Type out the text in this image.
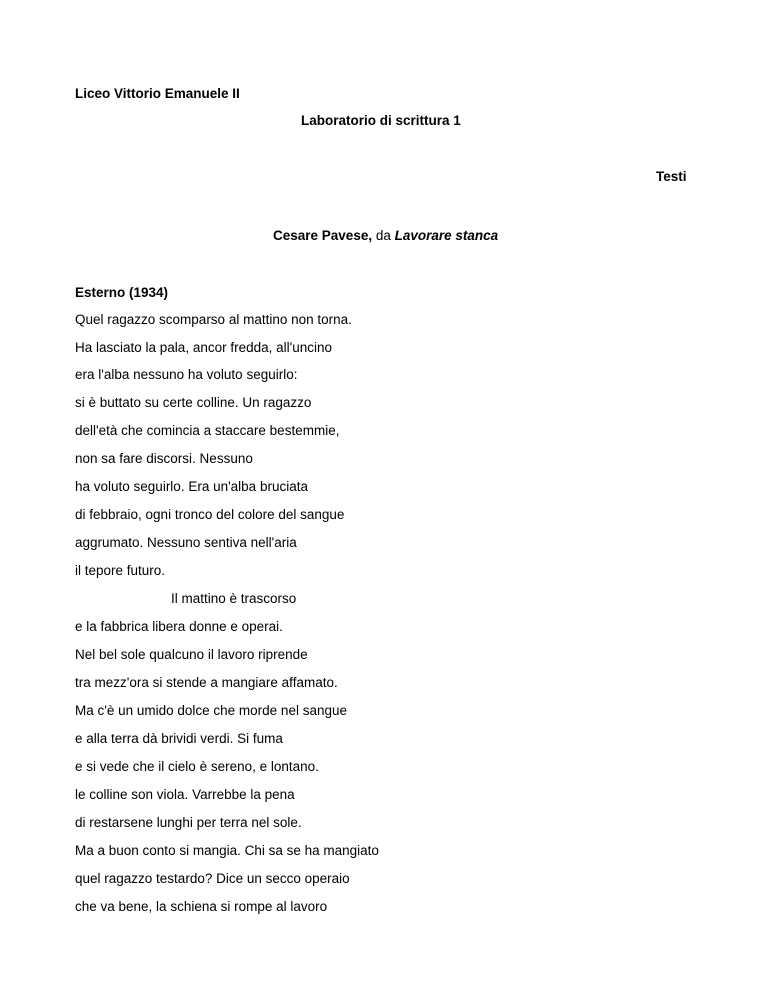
Liceo Vittorio Emanuele II

Laboratorio di scrittura 1

Testi

Cesare Pavese, da Lavorare stanca

Esterno (1934)

Quel ragazzo scomparso al mattino non torna.

Ha lasciato la pala, ancor fredda, all'uncino

era l'alba nessuno ha voluto seguirlo:

si è buttato su certe colline. Un ragazzo

dell'età che comincia a staccare bestemmie,

non sa fare discorsi. Nessuno

ha voluto seguirlo. Era un'alba bruciata

di febbraio, ogni tronco del colore del sangue

aggrumato. Nessuno sentiva nell'aria

il tepore futuro.

Il mattino è trascorso

e la fabbrica libera donne e operai.

Nel bel sole qualcuno il lavoro riprende

tra mezz'ora si stende a mangiare affamato.

Ma c'è un umido dolce che morde nel sangue

e alla terra dà brividi verdi. Si fuma

e si vede che il cielo è sereno, e lontano.

le colline son viola. Varrebbe la pena

di restarsene lunghi per terra nel sole.

Ma a buon conto si mangia. Chi sa se ha mangiato

quel ragazzo testardo? Dice un secco operaio

che va bene, la schiena si rompe al lavoro
